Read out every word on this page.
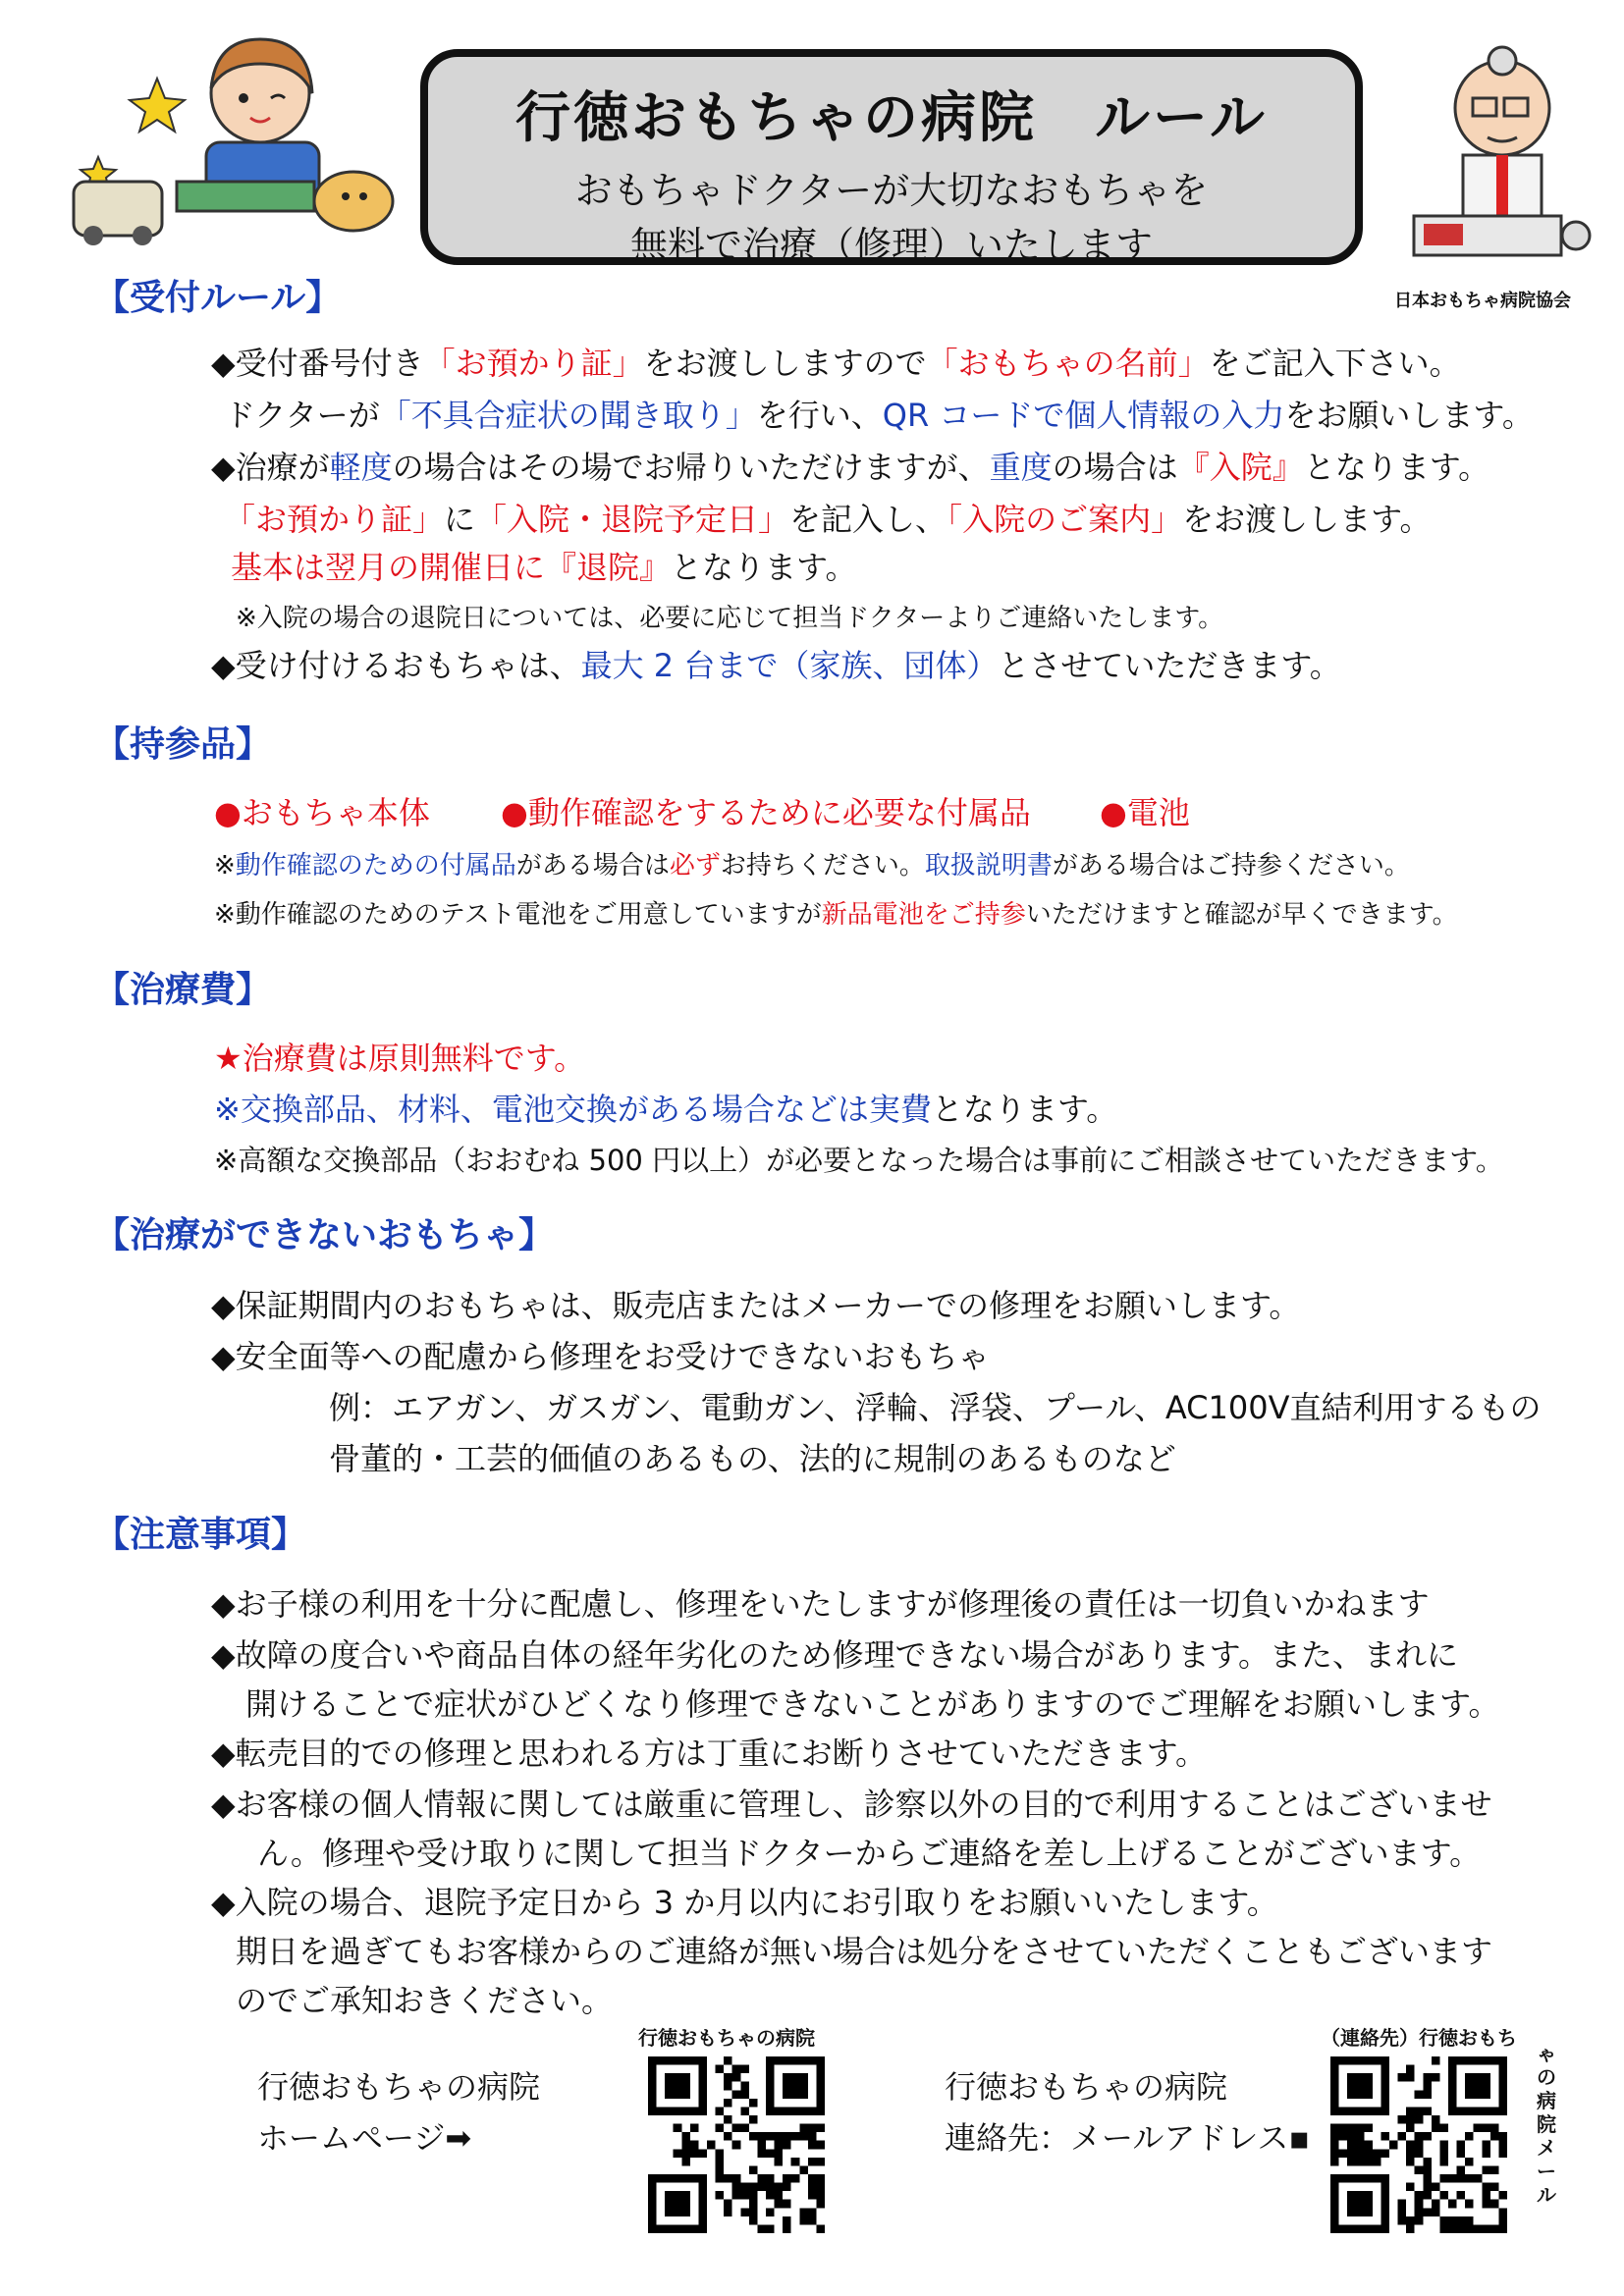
行徳おもちゃの病院　ルール
おもちゃドクターが大切なおもちゃを
無料で治療（修理）いたします
日本おもちゃ病院協会
【受付ルール】
◆受付番号付き「お預かり証」をお渡ししますので「おもちゃの名前」をご記入下さい。
ドクターが「不具合症状の聞き取り」を行い、QR コードで個人情報の入力をお願いします。
◆治療が軽度の場合はその場でお帰りいただけますが、重度の場合は『入院』となります。
「お預かり証」に「入院・退院予定日」を記入し、「入院のご案内」をお渡しします。
基本は翌月の開催日に『退院』となります。
※入院の場合の退院日については、必要に応じて担当ドクターよりご連絡いたします。
◆受け付けるおもちゃは、最大 2 台まで（家族、団体）とさせていただきます。
【持参品】
●おもちゃ本体 ●動作確認をするために必要な付属品 ●電池
※動作確認のための付属品がある場合は必ずお持ちください。取扱説明書がある場合はご持参ください。
※動作確認のためのテスト電池をご用意していますが新品電池をご持参いただけますと確認が早くできます。
【治療費】
★治療費は原則無料です。
※交換部品、材料、電池交換がある場合などは実費となります。
※高額な交換部品（おおむね 500 円以上）が必要となった場合は事前にご相談させていただきます。
【治療ができないおもちゃ】
◆保証期間内のおもちゃは、販売店またはメーカーでの修理をお願いします。
◆安全面等への配慮から修理をお受けできないおもちゃ
例：エアガン、ガスガン、電動ガン、浮輪、浮袋、プール、AC100V直結利用するもの
骨董的・工芸的価値のあるもの、法的に規制のあるものなど
【注意事項】
◆お子様の利用を十分に配慮し、修理をいたしますが修理後の責任は一切負いかねます
◆故障の度合いや商品自体の経年劣化のため修理できない場合があります。また、まれに
開けることで症状がひどくなり修理できないことがありますのでご理解をお願いします。
◆転売目的での修理と思われる方は丁重にお断りさせていただきます。
◆お客様の個人情報に関しては厳重に管理し、診察以外の目的で利用することはございませ
ん。修理や受け取りに関して担当ドクターからご連絡を差し上げることがございます。
◆入院の場合、退院予定日から 3 か月以内にお引取りをお願いいたします。
期日を過ぎてもお客様からのご連絡が無い場合は処分をさせていただくこともございます
のでご承知おきください。
行徳おもちゃの病院
ホームページ➡
行徳おもちゃの病院
行徳おもちゃの病院
連絡先：メールアドレス▪
（連絡先）行徳おもち
ゃの病院メール
